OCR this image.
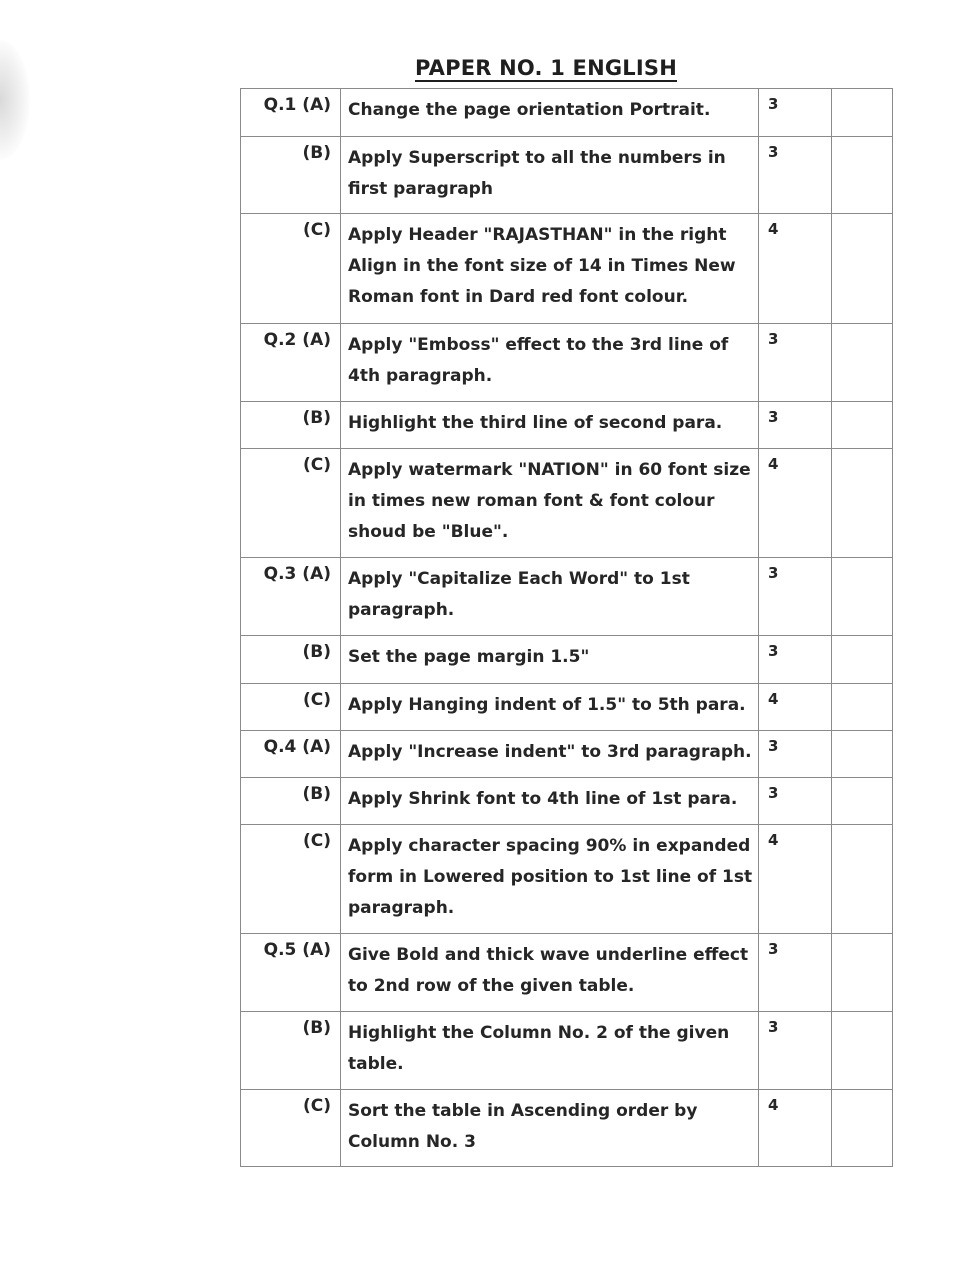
PAPER NO. 1 ENGLISH
Q.1 (A)	Change the page orientation Portrait.	3	
(B)	Apply Superscript to all the numbers in first paragraph	3	
(C)	Apply Header "RAJASTHAN" in the right Align in the font size of 14 in Times New Roman font in Dard red font colour.	4	
Q.2 (A)	Apply "Emboss" effect to the 3rd line of 4th paragraph.	3	
(B)	Highlight the third line of second para.	3	
(C)	Apply watermark "NATION" in 60 font size in times new roman font & font colour shoud be "Blue".	4	
Q.3 (A)	Apply "Capitalize Each Word" to 1st paragraph.	3	
(B)	Set the page margin 1.5"	3	
(C)	Apply Hanging indent of 1.5" to 5th para.	4	
Q.4 (A)	Apply "Increase indent" to 3rd paragraph.	3	
(B)	Apply Shrink font to 4th line of 1st para.	3	
(C)	Apply character spacing 90% in expanded form in Lowered position to 1st line of 1st paragraph.	4	
Q.5 (A)	Give Bold and thick wave underline effect to 2nd row of the given table.	3	
(B)	Highlight the Column No. 2 of the given table.	3	
(C)	Sort the table in Ascending order by Column No. 3	4	
